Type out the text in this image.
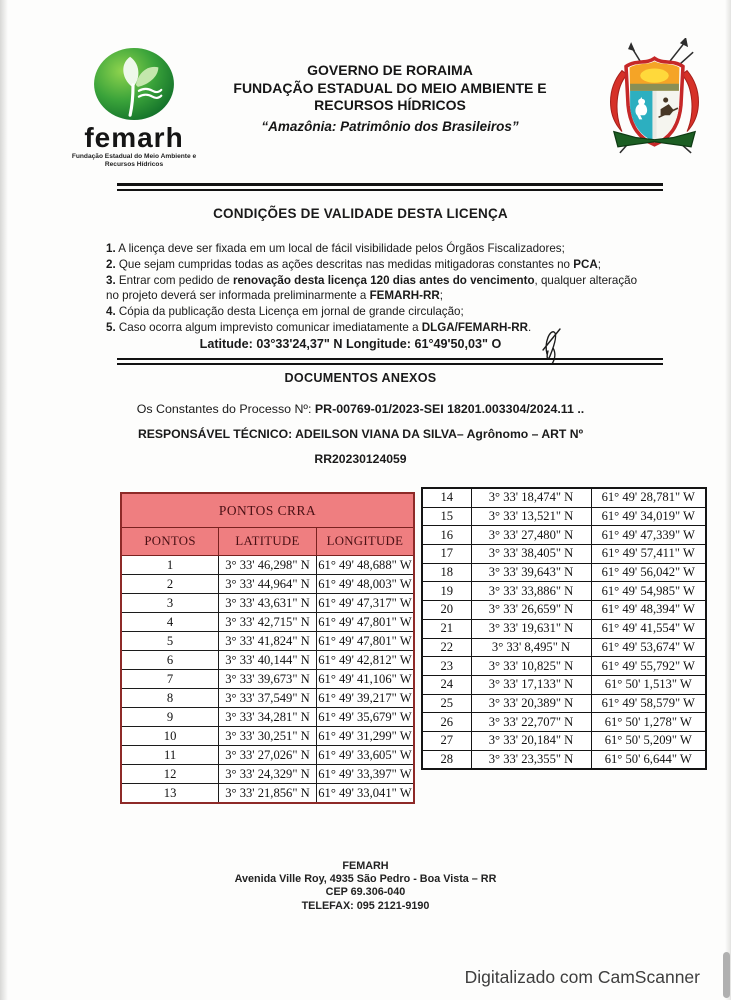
femarh
Fundação Estadual do Meio Ambiente e Recursos Hídricos
GOVERNO DE RORAIMA
FUNDAÇÃO ESTADUAL DO MEIO AMBIENTE E
RECURSOS HÍDRICOS
“Amazônia: Patrimônio dos Brasileiros”
CONDIÇÕES DE VALIDADE DESTA LICENÇA
1. A licença deve ser fixada em um local de fácil visibilidade pelos Órgãos Fiscalizadores;
2. Que sejam cumpridas todas as ações descritas nas medidas mitigadoras constantes no PCA;
3. Entrar com pedido de renovação desta licença 120 dias antes do vencimento, qualquer alteração no projeto deverá ser informada preliminarmente a FEMARH-RR;
4. Cópia da publicação desta Licença em jornal de grande circulação;
5. Caso ocorra algum imprevisto comunicar imediatamente a DLGA/FEMARH-RR.
Latitude: 03°33'24,37" N Longitude: 61°49'50,03" O
DOCUMENTOS ANEXOS
Os Constantes do Processo Nº: PR-00769-01/2023-SEI 18201.003304/2024.11 ..
RESPONSÁVEL TÉCNICO: ADEILSON VIANA DA SILVA– Agrônomo – ART Nº
RR20230124059
PONTOS CRRA		
PONTOS	LATITUDE	LONGITUDE
1	3° 33' 46,298" N	61° 49' 48,688" W
2	3° 33' 44,964" N	61° 49' 48,003" W
3	3° 33' 43,631" N	61° 49' 47,317" W
4	3° 33' 42,715" N	61° 49' 47,801" W
5	3° 33' 41,824" N	61° 49' 47,801" W
6	3° 33' 40,144" N	61° 49' 42,812" W
7	3° 33' 39,673" N	61° 49' 41,106" W
8	3° 33' 37,549" N	61° 49' 39,217" W
9	3° 33' 34,281" N	61° 49' 35,679" W
10	3° 33' 30,251" N	61° 49' 31,299" W
11	3° 33' 27,026" N	61° 49' 33,605" W
12	3° 33' 24,329" N	61° 49' 33,397" W
13	3° 33' 21,856" N	61° 49' 33,041" W
14	3° 33' 18,474" N	61° 49' 28,781" W
15	3° 33' 13,521" N	61° 49' 34,019" W
16	3° 33' 27,480" N	61° 49' 47,339" W
17	3° 33' 38,405" N	61° 49' 57,411" W
18	3° 33' 39,643" N	61° 49' 56,042" W
19	3° 33' 33,886" N	61° 49' 54,985" W
20	3° 33' 26,659" N	61° 49' 48,394" W
21	3° 33' 19,631" N	61° 49' 41,554" W
22	3° 33' 8,495" N	61° 49' 53,674" W
23	3° 33' 10,825" N	61° 49' 55,792" W
24	3° 33' 17,133" N	61° 50' 1,513" W
25	3° 33' 20,389" N	61° 49' 58,579" W
26	3° 33' 22,707" N	61° 50' 1,278" W
27	3° 33' 20,184" N	61° 50' 5,209" W
28	3° 33' 23,355" N	61° 50' 6,644" W
FEMARH
Avenida Ville Roy, 4935 São Pedro - Boa Vista – RR
CEP 69.306-040
TELEFAX: 095 2121-9190
Digitalizado com CamScanner
